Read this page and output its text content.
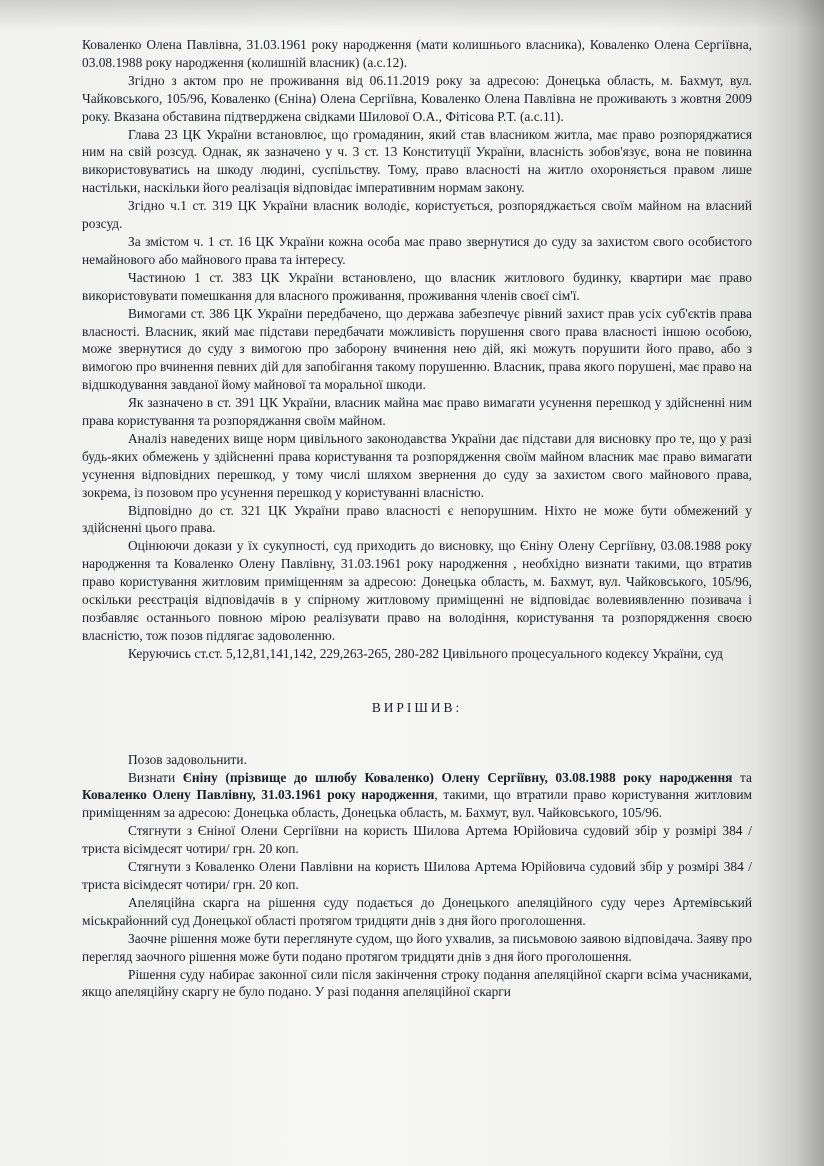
Коваленко Олена Павлівна, 31.03.1961 року народження (мати колишнього власника), Коваленко Олена Сергіївна, 03.08.1988 року народження (колишній власник) (а.с.12).

Згідно з актом про не проживання від 06.11.2019 року за адресою: Донецька область, м. Бахмут, вул. Чайковського, 105/96, Коваленко (Єніна) Олена Сергіївна, Коваленко Олена Павлівна не проживають з жовтня 2009 року. Вказана обставина підтверджена свідками Шилової О.А., Фітісова Р.Т. (а.с.11).

Глава 23 ЦК України встановлює, що громадянин, який став власником житла, має право розпоряджатися ним на свій розсуд. Однак, як зазначено у ч. 3 ст. 13 Конституції України, власність зобов'язує, вона не повинна використовуватись на шкоду людині, суспільству. Тому, право власності на житло охороняється правом лише настільки, наскільки його реалізація відповідає імперативним нормам закону.

Згідно ч.1 ст. 319 ЦК України власник володіє, користується, розпоряджається своїм майном на власний розсуд.

За змістом ч. 1 ст. 16 ЦК України кожна особа має право звернутися до суду за захистом свого особистого немайнового або майнового права та інтересу.

Частиною 1 ст. 383 ЦК України встановлено, що власник житлового будинку, квартири має право використовувати помешкання для власного проживання, проживання членів своєї сім'ї.

Вимогами ст. 386 ЦК України передбачено, що держава забезпечує рівний захист прав усіх суб'єктів права власності. Власник, який має підстави передбачати можливість порушення свого права власності іншою особою, може звернутися до суду з вимогою про заборону вчинення нею дій, які можуть порушити його право, або з вимогою про вчинення певних дій для запобігання такому порушенню. Власник, права якого порушені, має право на відшкодування завданої йому майнової та моральної шкоди.

Як зазначено в ст. 391 ЦК України, власник майна має право вимагати усунення перешкод у здійсненні ним права користування та розпоряджання своїм майном.

Аналіз наведених вище норм цивільного законодавства України дає підстави для висновку про те, що у разі будь-яких обмежень у здійсненні права користування та розпорядження своїм майном власник має право вимагати усунення відповідних перешкод, у тому числі шляхом звернення до суду за захистом свого майнового права, зокрема, із позовом про усунення перешкод у користуванні власністю.

Відповідно до ст. 321 ЦК України право власності є непорушним. Ніхто не може бути обмежений у здійсненні цього права.

Оцінюючи докази у їх сукупності, суд приходить до висновку, що Єніну Олену Сергіївну, 03.08.1988 року народження та Коваленко Олену Павлівну, 31.03.1961 року народження , необхідно визнати такими, що втратив право користування житловим приміщенням за адресою: Донецька область, м. Бахмут, вул. Чайковського, 105/96, оскільки реєстрація відповідачів в у спірному житловому приміщенні не відповідає волевиявленню позивача і позбавляє останнього повною мірою реалізувати право на володіння, користування та розпорядження своєю власністю, тож позов підлягає задоволенню.

Керуючись ст.ст. 5,12,81,141,142, 229,263-265, 280-282 Цивільного процесуального кодексу України, суд

ВИРІШИВ:

Позов задовольнити.

Визнати Єніну (прізвище до шлюбу Коваленко) Олену Сергіївну, 03.08.1988 року народження та Коваленко Олену Павлівну, 31.03.1961 року народження, такими, що втратили право користування житловим приміщенням за адресою: Донецька область, Донецька область, м. Бахмут, вул. Чайковського, 105/96.

Стягнути з Єніної Олени Сергіївни на користь Шилова Артема Юрійовича судовий збір у розмірі 384 /триста вісімдесят чотири/ грн. 20 коп.

Стягнути з Коваленко Олени Павлівни на користь Шилова Артема Юрійовича судовий збір у розмірі 384 /триста вісімдесят чотири/ грн. 20 коп.

Апеляційна скарга на рішення суду подається до Донецького апеляційного суду через Артемівський міськрайонний суд Донецької області протягом тридцяти днів з дня його проголошення.

Заочне рішення може бути переглянуте судом, що його ухвалив, за письмовою заявою відповідача. Заяву про перегляд заочного рішення може бути подано протягом тридцяти днів з дня його проголошення.

Рішення суду набирає законної сили після закінчення строку подання апеляційної скарги всіма учасниками, якщо апеляційну скаргу не було подано. У разі подання апеляційної скарги
